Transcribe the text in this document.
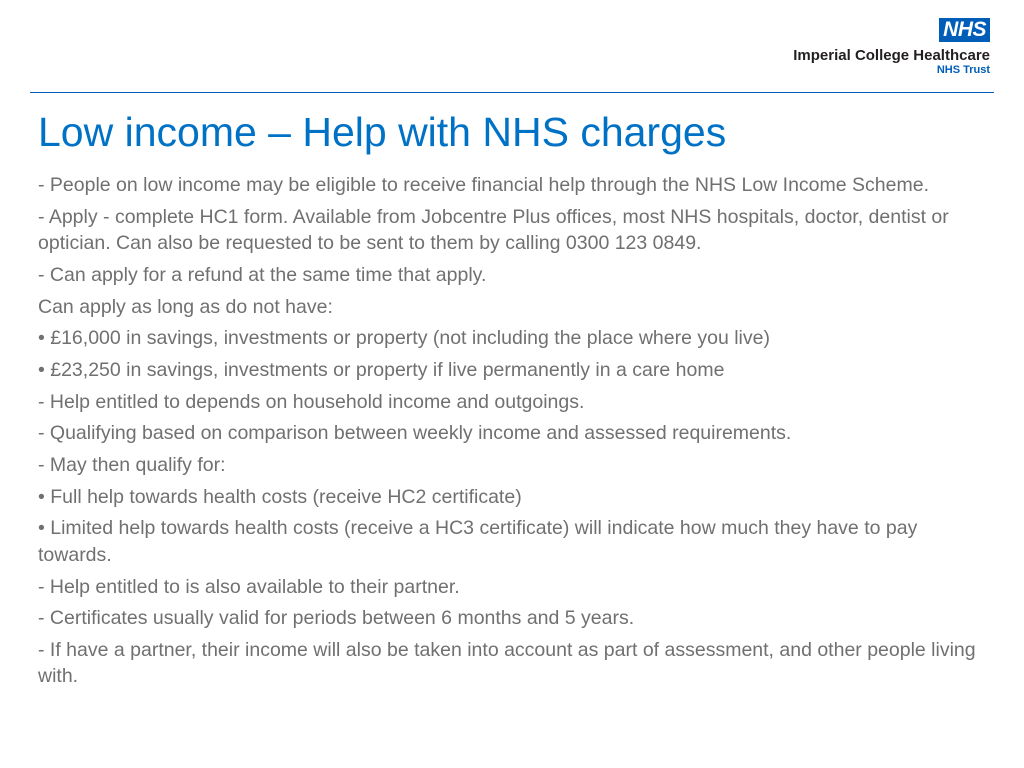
NHS
Imperial College Healthcare
NHS Trust
Low income – Help with NHS charges

- People on low income may be eligible to receive financial help through the NHS Low Income Scheme.

- Apply - complete HC1 form. Available from Jobcentre Plus offices, most NHS hospitals, doctor, dentist or optician. Can also be requested to be sent to them by calling 0300 123 0849.

- Can apply for a refund at the same time that apply.

Can apply as long as do not have:

• £16,000 in savings, investments or property (not including the place where you live)

• £23,250 in savings, investments or property if live permanently in a care home

- Help entitled to depends on household income and outgoings.

- Qualifying based on comparison between weekly income and assessed requirements.

- May then qualify for:

• Full help towards health costs (receive HC2 certificate)

• Limited help towards health costs (receive a HC3 certificate) will indicate how much they have to pay towards.

- Help entitled to is also available to their partner.

- Certificates usually valid for periods between 6 months and 5 years.

- If have a partner, their income will also be taken into account as part of assessment, and other people living with.
